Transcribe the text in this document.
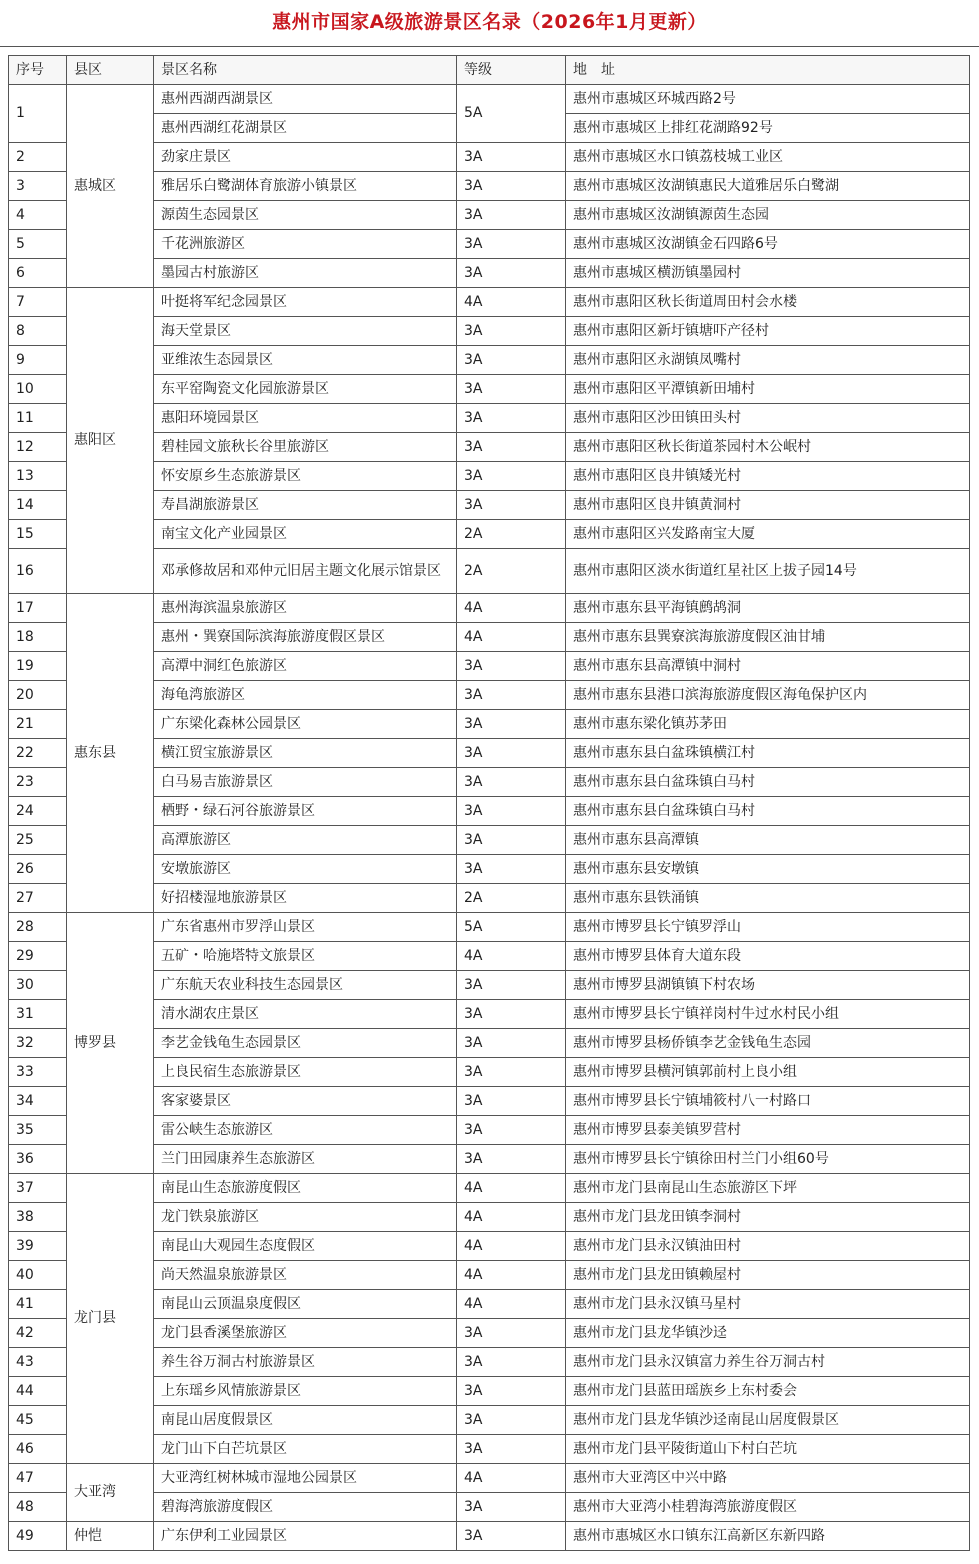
惠州市国家A级旅游景区名录（2026年1月更新）
序号	县区	景区名称	等级	地　址
1	惠城区	惠州西湖西湖景区	5A	惠州市惠城区环城西路2号
		惠州西湖红花湖景区		惠州市惠城区上排红花湖路92号
2		劲家庄景区	3A	惠州市惠城区水口镇荔枝城工业区
3		雅居乐白鹭湖体育旅游小镇景区	3A	惠州市惠城区汝湖镇惠民大道雅居乐白鹭湖
4		源茵生态园景区	3A	惠州市惠城区汝湖镇源茵生态园
5		千花洲旅游区	3A	惠州市惠城区汝湖镇金石四路6号
6		墨园古村旅游区	3A	惠州市惠城区横沥镇墨园村
7	惠阳区	叶挺将军纪念园景区	4A	惠州市惠阳区秋长街道周田村会水楼
8		海天堂景区	3A	惠州市惠阳区新圩镇塘吓产径村
9		亚维浓生态园景区	3A	惠州市惠阳区永湖镇凤嘴村
10		东平窑陶瓷文化园旅游景区	3A	惠州市惠阳区平潭镇新田埔村
11		惠阳环境园景区	3A	惠州市惠阳区沙田镇田头村
12		碧桂园文旅秋长谷里旅游区	3A	惠州市惠阳区秋长街道茶园村木公岷村
13		怀安原乡生态旅游景区	3A	惠州市惠阳区良井镇矮光村
14		寿昌湖旅游景区	3A	惠州市惠阳区良井镇黄洞村
15		南宝文化产业园景区	2A	惠州市惠阳区兴发路南宝大厦
16		邓承修故居和邓仲元旧居主题文化展示馆景区	2A	惠州市惠阳区淡水街道红星社区上拔子园14号
17	惠东县	惠州海滨温泉旅游区	4A	惠州市惠东县平海镇鹧鸪洞
18		惠州・巽寮国际滨海旅游度假区景区	4A	惠州市惠东县巽寮滨海旅游度假区油甘埔
19		高潭中洞红色旅游区	3A	惠州市惠东县高潭镇中洞村
20		海龟湾旅游区	3A	惠州市惠东县港口滨海旅游度假区海龟保护区内
21		广东梁化森林公园景区	3A	惠州市惠东梁化镇苏茅田
22		横江贸宝旅游景区	3A	惠州市惠东县白盆珠镇横江村
23		白马易吉旅游景区	3A	惠州市惠东县白盆珠镇白马村
24		栖野・绿石河谷旅游景区	3A	惠州市惠东县白盆珠镇白马村
25		高潭旅游区	3A	惠州市惠东县高潭镇
26		安墩旅游区	3A	惠州市惠东县安墩镇
27		好招楼湿地旅游景区	2A	惠州市惠东县铁涌镇
28	博罗县	广东省惠州市罗浮山景区	5A	惠州市博罗县长宁镇罗浮山
29		五矿・哈施塔特文旅景区	4A	惠州市博罗县体育大道东段
30		广东航天农业科技生态园景区	3A	惠州市博罗县湖镇镇下村农场
31		清水湖农庄景区	3A	惠州市博罗县长宁镇祥岗村牛过水村民小组
32		李艺金钱龟生态园景区	3A	惠州市博罗县杨侨镇李艺金钱龟生态园
33		上良民宿生态旅游景区	3A	惠州市博罗县横河镇郭前村上良小组
34		客家婆景区	3A	惠州市博罗县长宁镇埔筱村八一村路口
35		雷公峡生态旅游区	3A	惠州市博罗县泰美镇罗营村
36		兰门田园康养生态旅游区	3A	惠州市博罗县长宁镇徐田村兰门小组60号
37	龙门县	南昆山生态旅游度假区	4A	惠州市龙门县南昆山生态旅游区下坪
38		龙门铁泉旅游区	4A	惠州市龙门县龙田镇李洞村
39		南昆山大观园生态度假区	4A	惠州市龙门县永汉镇油田村
40		尚天然温泉旅游景区	4A	惠州市龙门县龙田镇赖屋村
41		南昆山云顶温泉度假区	4A	惠州市龙门县永汉镇马星村
42		龙门县香溪堡旅游区	3A	惠州市龙门县龙华镇沙迳
43		养生谷万洞古村旅游景区	3A	惠州市龙门县永汉镇富力养生谷万洞古村
44		上东瑶乡风情旅游景区	3A	惠州市龙门县蓝田瑶族乡上东村委会
45		南昆山居度假景区	3A	惠州市龙门县龙华镇沙迳南昆山居度假景区
46		龙门山下白芒坑景区	3A	惠州市龙门县平陵街道山下村白芒坑
47	大亚湾	大亚湾红树林城市湿地公园景区	4A	惠州市大亚湾区中兴中路
48		碧海湾旅游度假区	3A	惠州市大亚湾小桂碧海湾旅游度假区
49	仲恺	广东伊利工业园景区	3A	惠州市惠城区水口镇东江高新区东新四路
